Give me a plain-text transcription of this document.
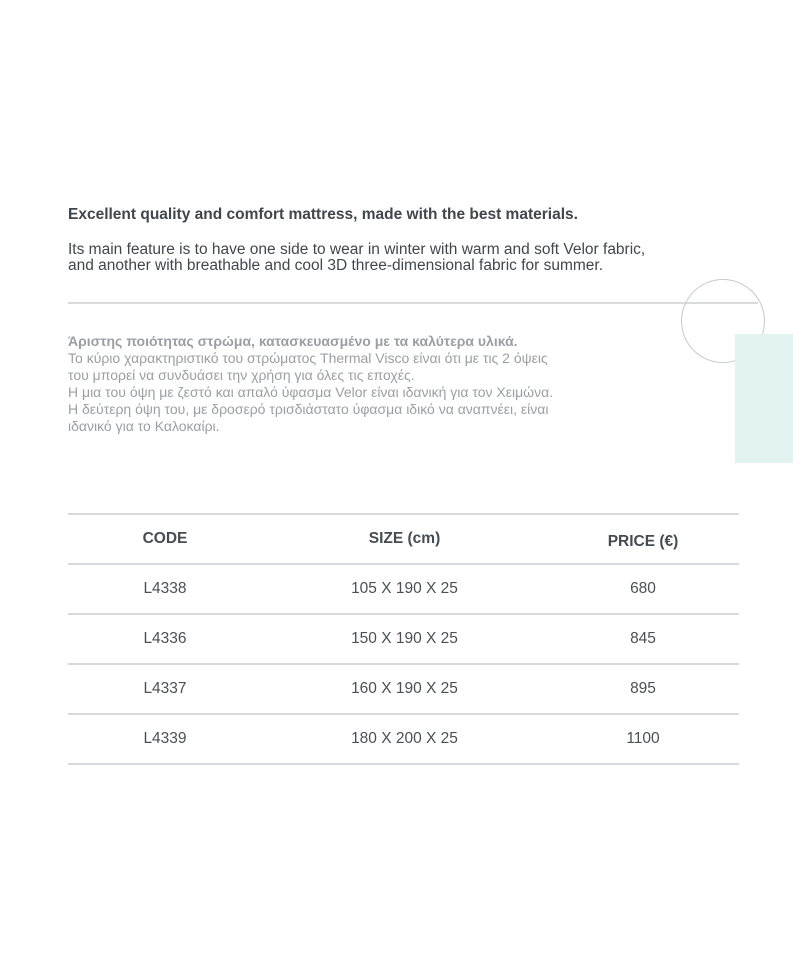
Excellent quality and comfort mattress, made with the best materials.

Its main feature is to have one side to wear in winter with warm and soft Velor fabric,
and another with breathable and cool 3D three-dimensional fabric for summer.

Άριστης ποιότητας στρώμα, κατασκευασμένο με τα καλύτερα υλικά.

Το κύριο χαρακτηριστικό του στρώματος Thermal Visco είναι ότι με τις 2 όψεις

του μπορεί να συνδυάσει την χρήση για όλες τις εποχές.

Η μια του όψη με ζεστό και απαλό ύφασμα Velor είναι ιδανική για τον Χειμώνα.

Η δεύτερη όψη του, με δροσερό τρισδιάστατο ύφασμα ιδικό να αναπνέει, είναι

ιδανικό για το Καλοκαίρι.

CODE	SIZE (cm)	PRICE (€)
L4338	105 X 190 X 25	680
L4336	150 X 190 X 25	845
L4337	160 X 190 X 25	895
L4339	180 X 200 X 25	1100
